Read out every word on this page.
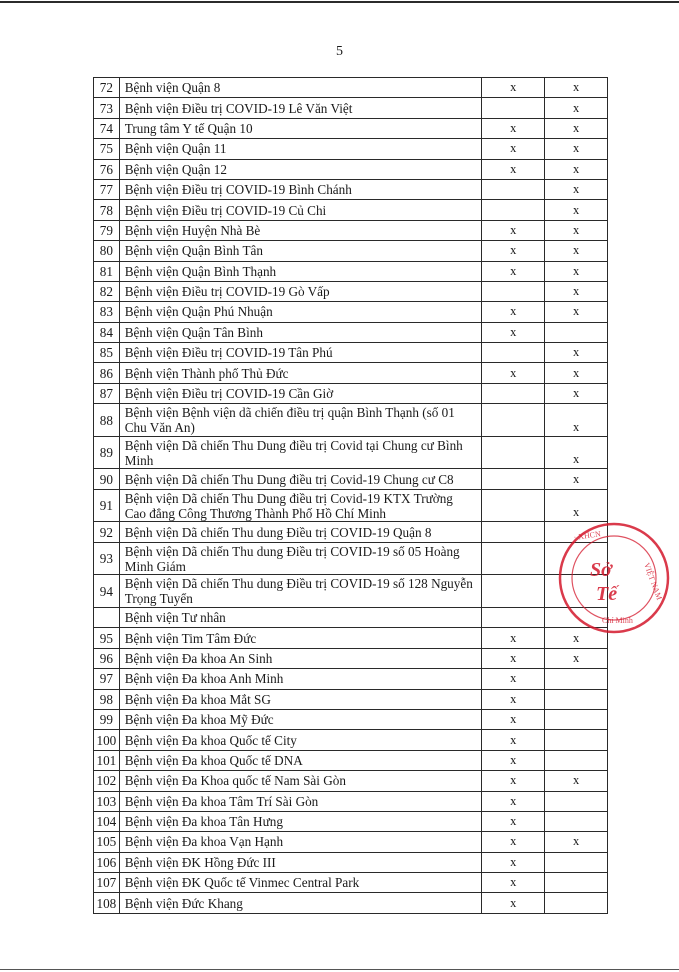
5
72	Bệnh viện Quận 8	x	x
73	Bệnh viện Điều trị COVID-19 Lê Văn Việt		x
74	Trung tâm Y tế Quận 10	x	x
75	Bệnh viện Quận 11	x	x
76	Bệnh viện Quận 12	x	x
77	Bệnh viện Điều trị COVID-19 Bình Chánh		x
78	Bệnh viện Điều trị COVID-19 Củ Chi		x
79	Bệnh viện Huyện Nhà Bè	x	x
80	Bệnh viện Quận Bình Tân	x	x
81	Bệnh viện Quận Bình Thạnh	x	x
82	Bệnh viện Điều trị COVID-19 Gò Vấp		x
83	Bệnh viện Quận Phú Nhuận	x	x
84	Bệnh viện Quận Tân Bình	x	
85	Bệnh viện Điều trị COVID-19 Tân Phú		x
86	Bệnh viện Thành phố Thủ Đức	x	x
87	Bệnh viện Điều trị COVID-19 Cần Giờ		x
88	Bệnh viện Bệnh viện dã chiến điều trị quận Bình Thạnh (số 01 Chu Văn An)		x
89	Bệnh viện Dã chiến Thu Dung điều trị Covid tại Chung cư Bình Minh		x
90	Bệnh viện Dã chiến Thu Dung điều trị Covid-19 Chung cư C8		x
91	Bệnh viện Dã chiến Thu Dung điều trị Covid-19 KTX Trường Cao đẳng Công Thương Thành Phố Hồ Chí Minh		x
92	Bệnh viện Dã chiến Thu dung Điều trị COVID-19 Quận 8		
93	Bệnh viện Dã chiến Thu dung Điều trị COVID-19 số 05 Hoàng Minh Giám		
94	Bệnh viện Dã chiến Thu dung Điều trị COVID-19 số 128 Nguyễn Trọng Tuyển		
	Bệnh viện Tư nhân		
95	Bệnh viện Tim Tâm Đức	x	x
96	Bệnh viện Đa khoa An Sinh	x	x
97	Bệnh viện Đa khoa Anh Minh	x	
98	Bệnh viện Đa khoa Mắt SG	x	
99	Bệnh viện Đa khoa Mỹ Đức	x	
100	Bệnh viện Đa khoa Quốc tế City	x	
101	Bệnh viện Đa khoa Quốc tế DNA	x	
102	Bệnh viện Đa Khoa quốc tế Nam Sài Gòn	x	x
103	Bệnh viện Đa khoa Tâm Trí Sài Gòn	x	
104	Bệnh viện Đa khoa Tân Hưng	x	
105	Bệnh viện Đa khoa Vạn Hạnh	x	x
106	Bệnh viện ĐK Hồng Đức III	x	
107	Bệnh viện ĐK Quốc tế Vinmec Central Park	x	
108	Bệnh viện Đức Khang	x	
· XHCN
VIỆT NAM
Sở
Tế
Chí Minh
